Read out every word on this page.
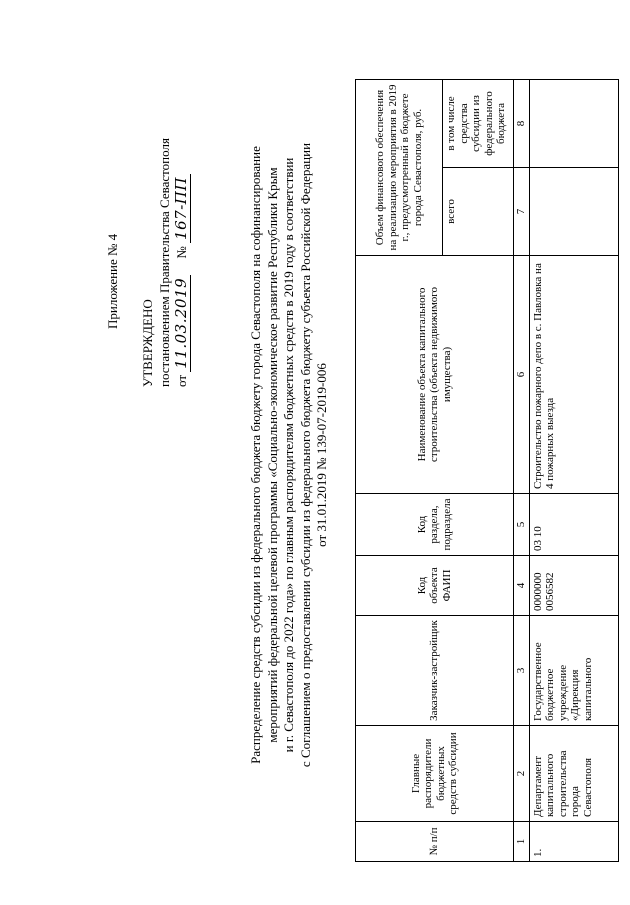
Приложение № 4
УТВЕРЖДЕНО постановлением Правительства Севастополя от 11.03.2019     № 167-ПП	Распределение средств субсидии из федерального бюджета бюджету города Севастополя на софинансирование мероприятий федеральной целевой программы «Социально-экономическое развитие Республики Крым и г. Севастополя до 2022 года» по главным распорядителям бюджетных средств в 2019 году в соответствии с Соглашением о предоставлении субсидии из федерального бюджета бюджету субъекта Российской Федерации от 31.01.2019 № 139-07-2019-006
№ п/п	Главные распорядители бюджетных средств субсидии	Заказчик-застройщик	Код объекта ФАИП	Код раздела, подраздела	Наименование объекта капитального строительства (объекта недвижимого имущества)	Объем финансового обеспечения на реализацию мероприятия в 2019 г., предусмотренный в бюджете города Севастополя, руб.	
						всего	в том числе средства субсидии из федерального бюджета
1	2	3	4	5	6	7	8
1.	Департамент капитального строительства города Севастополя	Государственное бюджетное учреждение «Дирекция капитального	0000000 0056582	03 10	Строительство пожарного депо в с. Павловка на 4 пожарных выезда		
